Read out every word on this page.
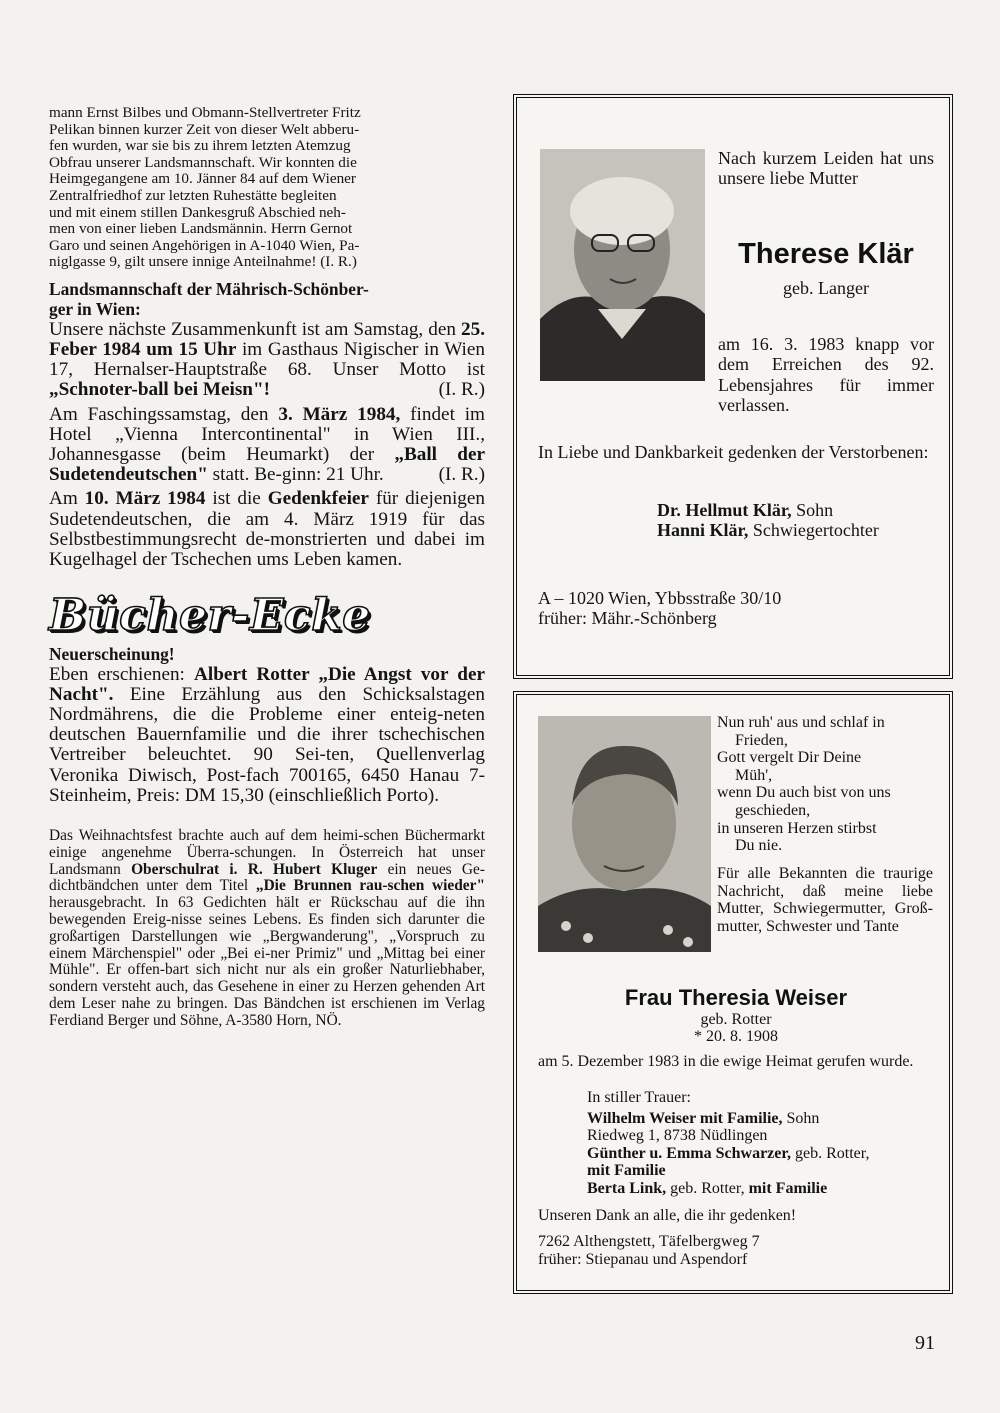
mann Ernst Bilbes und Obmann-Stellvertreter Fritz
Pelikan binnen kurzer Zeit von dieser Welt abberu-
fen wurden, war sie bis zu ihrem letzten Atemzug
Obfrau unserer Landsmannschaft. Wir konnten die
Heimgegangene am 10. Jänner 84 auf dem Wiener
Zentralfriedhof zur letzten Ruhestätte begleiten
und mit einem stillen Dankesgruß Abschied neh-
men von einer lieben Landsmännin. Herrn Gernot
Garo und seinen Angehörigen in A-1040 Wien, Pa-
niglgasse 9, gilt unsere innige Anteilnahme! (I. R.)
Landsmannschaft der Mährisch-Schönber-
ger in Wien:

Unsere nächste Zusammenkunft ist am Samstag, den 25. Feber 1984 um 15 Uhr im Gasthaus Nigischer in Wien 17, Hernalser-Hauptstraße 68. Unser Motto ist „Schnoter-ball bei Meisn"!	(I. R.)

Am Faschingssamstag, den 3. März 1984, findet im Hotel „Vienna Intercontinental" in Wien III., Johannesgasse (beim Heumarkt) der „Ball der Sudetendeutschen" statt. Be-ginn: 21 Uhr.	(I. R.)

Am 10. März 1984 ist die Gedenkfeier für diejenigen Sudetendeutschen, die am 4. März 1919 für das Selbstbestimmungsrecht de-monstrierten und dabei im Kugelhagel der Tschechen ums Leben kamen.

Bücher-Ecke
Neuerscheinung!

Eben erschienen: Albert Rotter „Die Angst vor der Nacht". Eine Erzählung aus den Schicksalstagen Nordmährens, die die Probleme einer enteig-neten deutschen Bauernfamilie und die ihrer tschechischen Vertreiber beleuchtet. 90 Sei-ten, Quellenverlag Veronika Diwisch, Post-fach 700165, 6450 Hanau 7-Steinheim, Preis: DM 15,30 (einschließlich Porto).

Das Weihnachtsfest brachte auch auf dem heimi-schen Büchermarkt einige angenehme Überra-schungen. In Österreich hat unser Landsmann Oberschulrat i. R. Hubert Kluger ein neues Ge-dichtbändchen unter dem Titel „Die Brunnen rau-schen wieder" herausgebracht. In 63 Gedichten hält er Rückschau auf die ihn bewegenden Ereig-nisse seines Lebens. Es finden sich darunter die großartigen Darstellungen wie „Bergwanderung", „Vorspruch zu einem Märchenspiel" oder „Bei ei-ner Primiz" und „Mittag bei einer Mühle". Er offen-bart sich nicht nur als ein großer Naturliebhaber, sondern versteht auch, das Gesehene in einer zu Herzen gehenden Art dem Leser nahe zu bringen. Das Bändchen ist erschienen im Verlag Ferdiand Berger und Söhne, A-3580 Horn, NÖ.

Nach kurzem Leiden hat uns unsere liebe Mutter
Therese Klär
geb. Langer
am 16. 3. 1983 knapp vor dem Erreichen des 92. Lebensjahres für immer verlassen.
In Liebe und Dankbarkeit gedenken der Verstorbenen:
Dr. Hellmut Klär, Sohn
Hanni Klär, Schwiegertochter
A – 1020 Wien, Ybbsstraße 30/10
früher: Mähr.-Schönberg
Nun ruh' aus und schlaf in
Frieden,
Gott vergelt Dir Deine
Müh',
wenn Du auch bist von uns
geschieden,
in unseren Herzen stirbst
Du nie.
Für alle Bekannten die traurige Nachricht, daß meine liebe Mutter, Schwiegermutter, Groß-mutter, Schwester und Tante
Frau Theresia Weiser
geb. Rotter
* 20. 8. 1908
am 5. Dezember 1983 in die ewige Heimat gerufen wurde.
In stiller Trauer:
Wilhelm Weiser mit Familie, Sohn
Riedweg 1, 8738 Nüdlingen
Günther u. Emma Schwarzer, geb. Rotter,
mit Familie
Berta Link, geb. Rotter, mit Familie
Unseren Dank an alle, die ihr gedenken!
7262 Althengstett, Täfelbergweg 7
früher: Stiepanau und Aspendorf
91
